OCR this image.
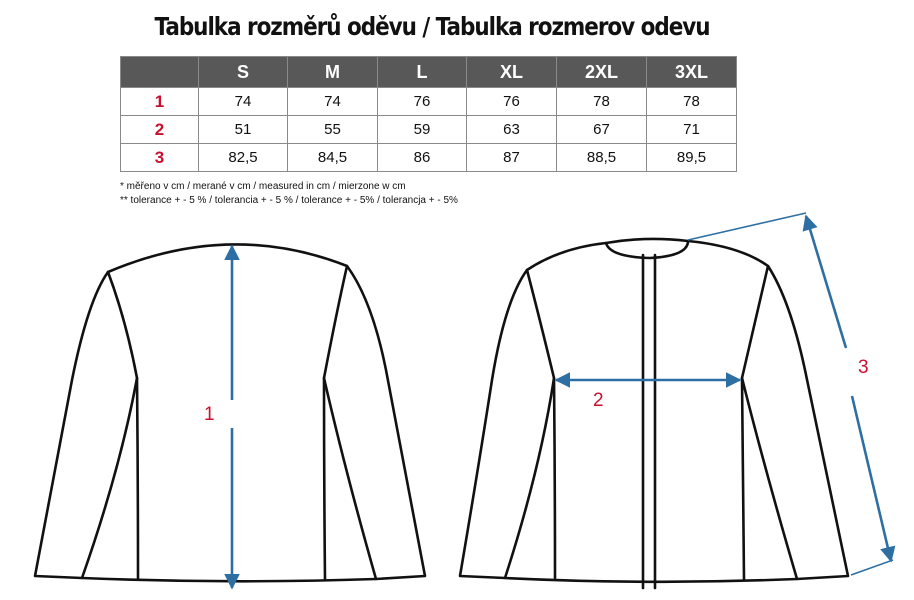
Tabulka rozměrů oděvu / Tabulka rozmerov odevu
	S	M	L	XL	2XL	3XL
1	74	74	76	76	78	78
2	51	55	59	63	67	71
3	82,5	84,5	86	87	88,5	89,5
* měřeno v cm / merané v cm / measured in cm / mierzone w cm
** tolerance + - 5 % / tolerancia + - 5 % / tolerance + - 5% / tolerancja + - 5%
1
2
3
